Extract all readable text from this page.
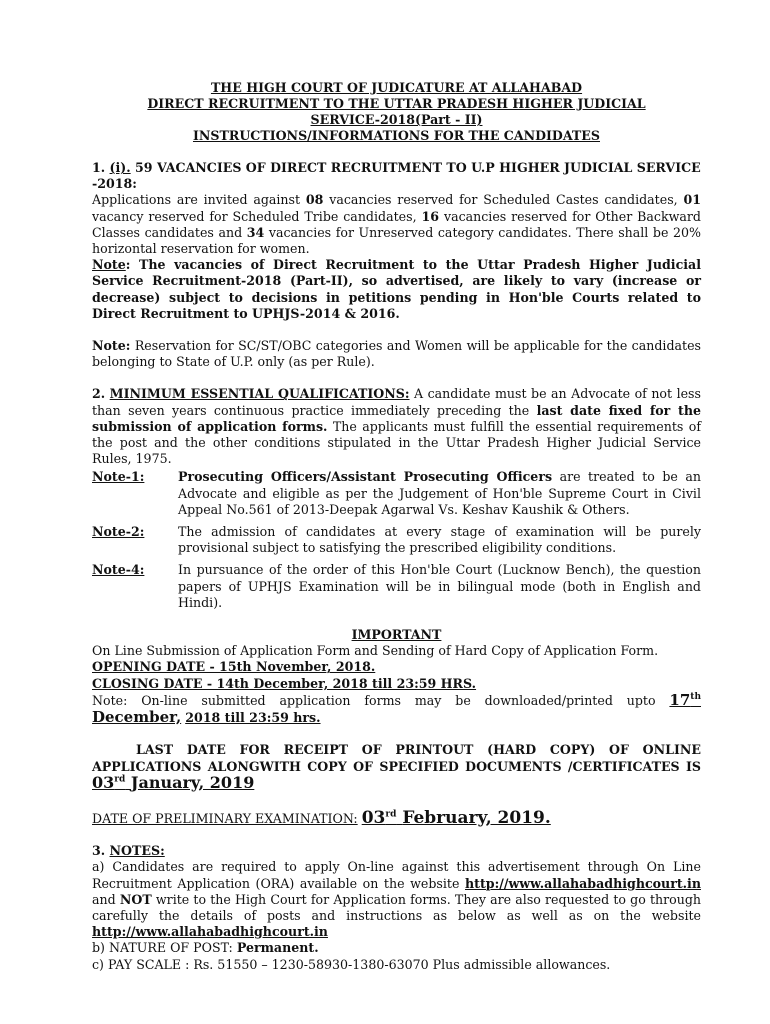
THE HIGH COURT OF JUDICATURE AT ALLAHABAD
DIRECT RECRUITMENT TO THE UTTAR PRADESH HIGHER JUDICIAL
SERVICE-2018(Part - II)
INSTRUCTIONS/INFORMATIONS FOR THE CANDIDATES
1. (i). 59 VACANCIES OF DIRECT RECRUITMENT TO U.P HIGHER JUDICIAL SERVICE -2018:
Applications are invited against 08 vacancies reserved for Scheduled Castes candidates, 01 vacancy reserved for Scheduled Tribe candidates, 16 vacancies reserved for Other Backward Classes candidates and 34 vacancies for Unreserved category candidates. There shall be 20% horizontal reservation for women.
Note: The vacancies of Direct Recruitment to the Uttar Pradesh Higher Judicial Service Recruitment-2018 (Part-II), so advertised, are likely to vary (increase or decrease) subject to decisions in petitions pending in Hon'ble Courts related to Direct Recruitment to UPHJS-2014 & 2016.
Note: Reservation for SC/ST/OBC categories and Women will be applicable for the candidates belonging to State of U.P. only (as per Rule).
2. MINIMUM ESSENTIAL QUALIFICATIONS: A candidate must be an Advocate of not less than seven years continuous practice immediately preceding the last date fixed for the submission of application forms. The applicants must fulfill the essential requirements of the post and the other conditions stipulated in the Uttar Pradesh Higher Judicial Service Rules, 1975.
Note-1:	Prosecuting Officers/Assistant Prosecuting Officers are treated to be an Advocate and eligible as per the Judgement of Hon'ble Supreme Court in Civil Appeal No.561 of 2013-Deepak Agarwal Vs. Keshav Kaushik & Others.
Note-2:	The admission of candidates at every stage of examination will be purely provisional subject to satisfying the prescribed eligibility conditions.
Note-4:	In pursuance of the order of this Hon'ble Court (Lucknow Bench), the question papers of UPHJS Examination will be in bilingual mode (both in English and Hindi).
IMPORTANT
On Line Submission of Application Form and Sending of Hard Copy of Application Form.
OPENING DATE - 15th November, 2018.
CLOSING DATE - 14th December, 2018 till 23:59 HRS.
Note: On-line submitted application forms may be downloaded/printed upto 17th December, 2018 till 23:59 hrs.
LAST DATE FOR RECEIPT OF PRINTOUT (HARD COPY) OF ONLINE APPLICATIONS ALONGWITH COPY OF SPECIFIED DOCUMENTS /CERTIFICATES IS 03rd January, 2019
DATE OF PRELIMINARY EXAMINATION: 03rd February, 2019.
3. NOTES:
a) Candidates are required to apply On-line against this advertisement through On Line Recruitment Application (ORA) available on the website http://www.allahabadhighcourt.in and NOT write to the High Court for Application forms. They are also requested to go through carefully the details of posts and instructions as below as well as on the website http://www.allahabadhighcourt.in
b) NATURE OF POST: Permanent.
c) PAY SCALE : Rs. 51550 – 1230-58930-1380-63070 Plus admissible allowances.
